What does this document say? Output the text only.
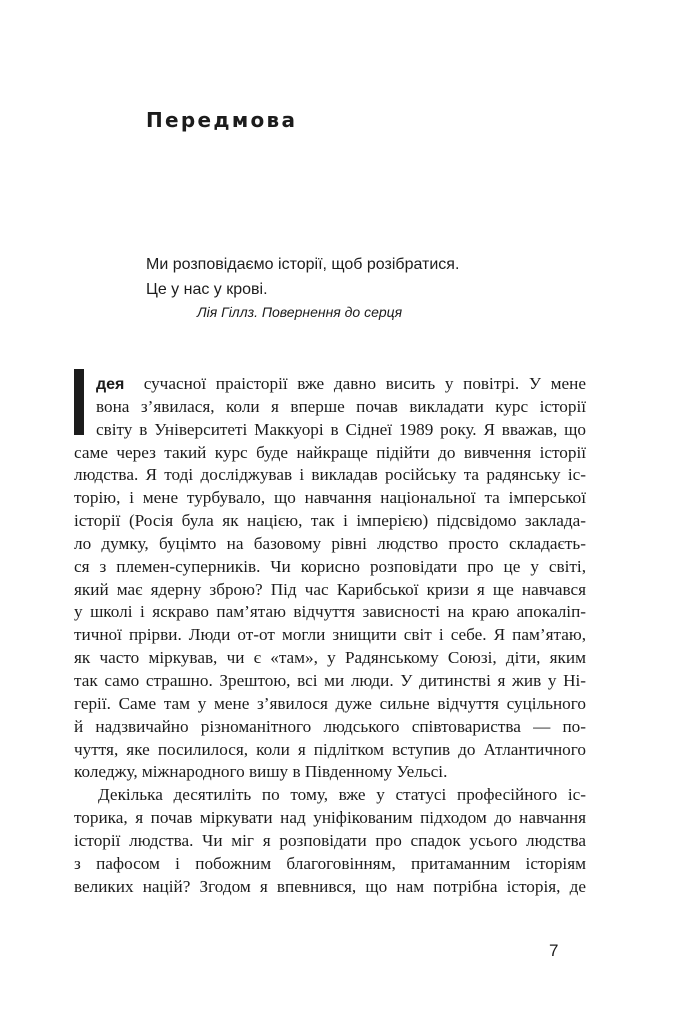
Передмова
Ми розповідаємо історії, щоб розібратися.
Це у нас у крові.
Лія Гіллз. Повернення до серця
дея сучасної праісторії вже давно висить у повітрі. У мене
вона з’явилася, коли я вперше почав викладати курс історії
світу в Університеті Маккуорі в Сіднеї 1989 року. Я вважав, що
саме через такий курс буде найкраще підійти до вивчення історії
людства. Я тоді досліджував і викладав російську та радянську іс-
торію, і мене турбувало, що навчання національної та імперської
історії (Росія була як нацією, так і імперією) підсвідомо заклада-
ло думку, буцімто на базовому рівні людство просто складаєть-
ся з племен-суперників. Чи корисно розповідати про це у світі,
який має ядерну зброю? Під час Карибської кризи я ще навчався
у школі і яскраво пам’ятаю відчуття зависності на краю апокаліп-
тичної прірви. Люди от-от могли знищити світ і себе. Я пам’ятаю,
як часто міркував, чи є «там», у Радянському Союзі, діти, яким
так само страшно. Зрештою, всі ми люди. У дитинстві я жив у Ні-
герії. Саме там у мене з’явилося дуже сильне відчуття суцільного
й надзвичайно різноманітного людського співтовариства — по-
чуття, яке посилилося, коли я підлітком вступив до Атлантичного
коледжу, міжнародного вишу в Південному Уельсі.
Декілька десятиліть по тому, вже у статусі професійного іс-
торика, я почав міркувати над уніфікованим підходом до навчання
історії людства. Чи міг я розповідати про спадок усього людства
з пафосом і побожним благоговінням, притаманним історіям
великих націй? Згодом я впевнився, що нам потрібна історія, де
7
